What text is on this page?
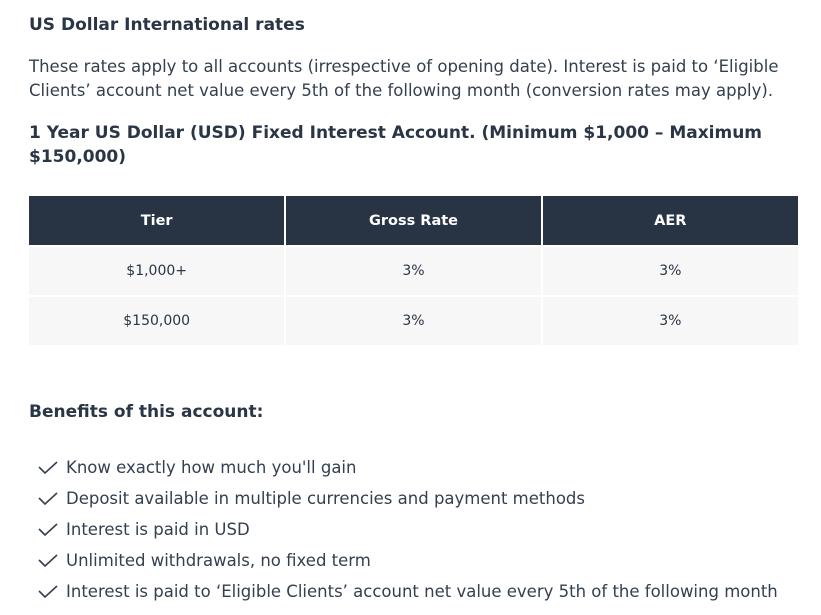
US Dollar International rates

These rates apply to all accounts (irrespective of opening date). Interest is paid to ‘Eligible Clients’ account net value every 5th of the following month (conversion rates may apply).

1 Year US Dollar (USD) Fixed Interest Account. (Minimum $1,000 – Maximum $150,000)
Tier	Gross Rate	AER
$1,000+	3%	3%
$150,000	3%	3%
Benefits of this account:
Know exactly how much you'll gain
Deposit available in multiple currencies and payment methods
Interest is paid in USD
Unlimited withdrawals, no fixed term
Interest is paid to ‘Eligible Clients’ account net value every 5th of the following month
